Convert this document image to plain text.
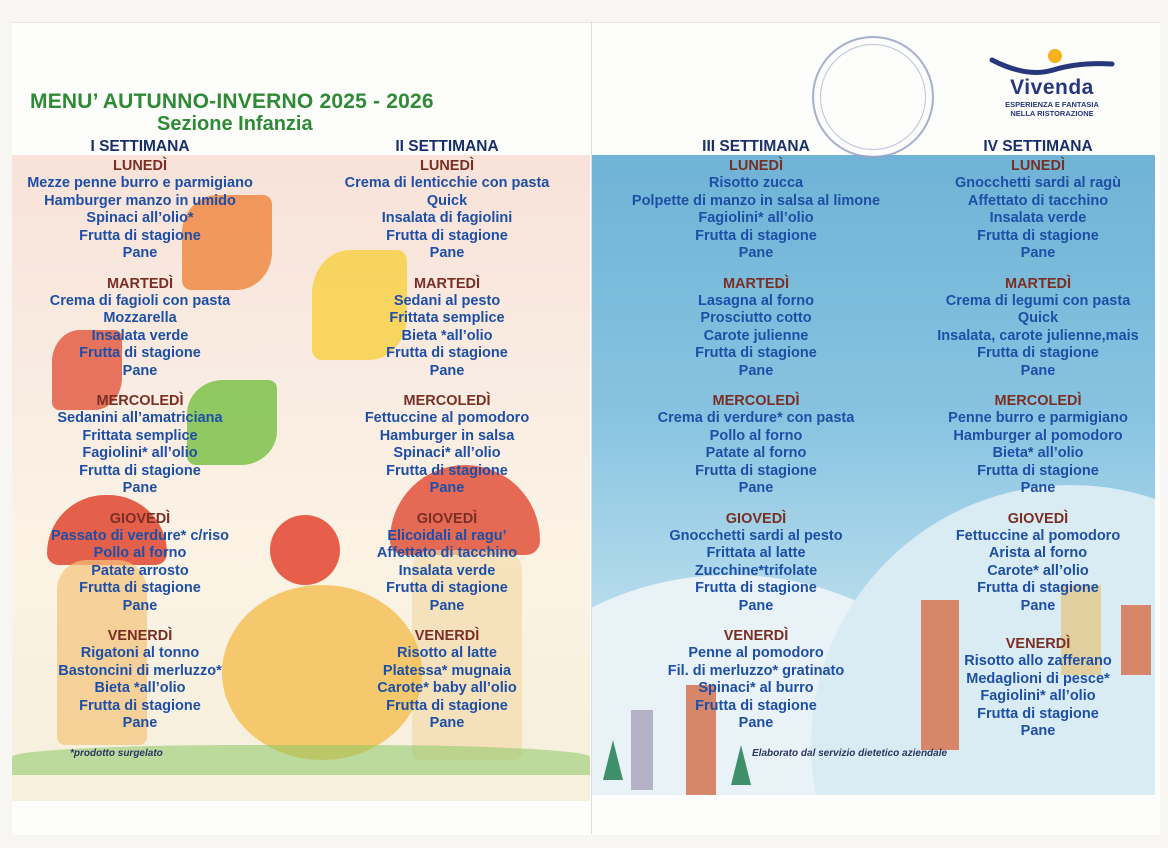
Vivenda
ESPERIENZA E FANTASIA
NELLA RISTORAZIONE
MENU’ AUTUNNO-INVERNO 2025 - 2026
Sezione Infanzia
I SETTIMANA
LUNEDÌ
Mezze penne burro e parmigiano
Hamburger manzo in umido
Spinaci all’olio*
Frutta di stagione
Pane
MARTEDÌ
Crema di fagioli con pasta
Mozzarella
Insalata verde
Frutta di stagione
Pane
MERCOLEDÌ
Sedanini all’amatriciana
Frittata semplice
Fagiolini* all’olio
Frutta di stagione
Pane
GIOVEDÌ
Passato di verdure* c/riso
Pollo al forno
Patate arrosto
Frutta di stagione
Pane
VENERDÌ
Rigatoni al tonno
Bastoncini di merluzzo*
Bieta *all’olio
Frutta di stagione
Pane
II SETTIMANA
LUNEDÌ
Crema di lenticchie con pasta
Quick
Insalata di fagiolini
Frutta di stagione
Pane
MARTEDÌ
Sedani al pesto
Frittata semplice
Bieta *all’olio
Frutta di stagione
Pane
MERCOLEDÌ
Fettuccine al pomodoro
Hamburger in salsa
Spinaci* all’olio
Frutta di stagione
Pane
GIOVEDÌ
Elicoidali al ragu’
Affettato di tacchino
Insalata verde
Frutta di stagione
Pane
VENERDÌ
Risotto al latte
Platessa* mugnaia
Carote* baby all’olio
Frutta di stagione
Pane
III SETTIMANA
LUNEDÌ
Risotto zucca
Polpette di manzo in salsa al limone
Fagiolini* all’olio
Frutta di stagione
Pane
MARTEDÌ
Lasagna al forno
Prosciutto cotto
Carote julienne
Frutta di stagione
Pane
MERCOLEDÌ
Crema di verdure* con pasta
Pollo al forno
Patate al forno
Frutta di stagione
Pane
GIOVEDÌ
Gnocchetti sardi al pesto
Frittata al latte
Zucchine*trifolate
Frutta di stagione
Pane
VENERDÌ
Penne al pomodoro
Fil. di merluzzo* gratinato
Spinaci* al burro
Frutta di stagione
Pane
IV SETTIMANA
LUNEDÌ
Gnocchetti sardi al ragù
Affettato di tacchino
Insalata verde
Frutta di stagione
Pane
MARTEDÌ
Crema di legumi con pasta
Quick
Insalata, carote julienne,mais
Frutta di stagione
Pane
MERCOLEDÌ
Penne burro e parmigiano
Hamburger al pomodoro
Bieta* all’olio
Frutta di stagione
Pane
GIOVEDÌ
Fettuccine al pomodoro
Arista al forno
Carote* all’olio
Frutta di stagione
Pane
VENERDÌ
Risotto allo zafferano
Medaglioni di pesce*
Fagiolini* all’olio
Frutta di stagione
Pane
*prodotto surgelato	Elaborato dal servizio dietetico aziendale
